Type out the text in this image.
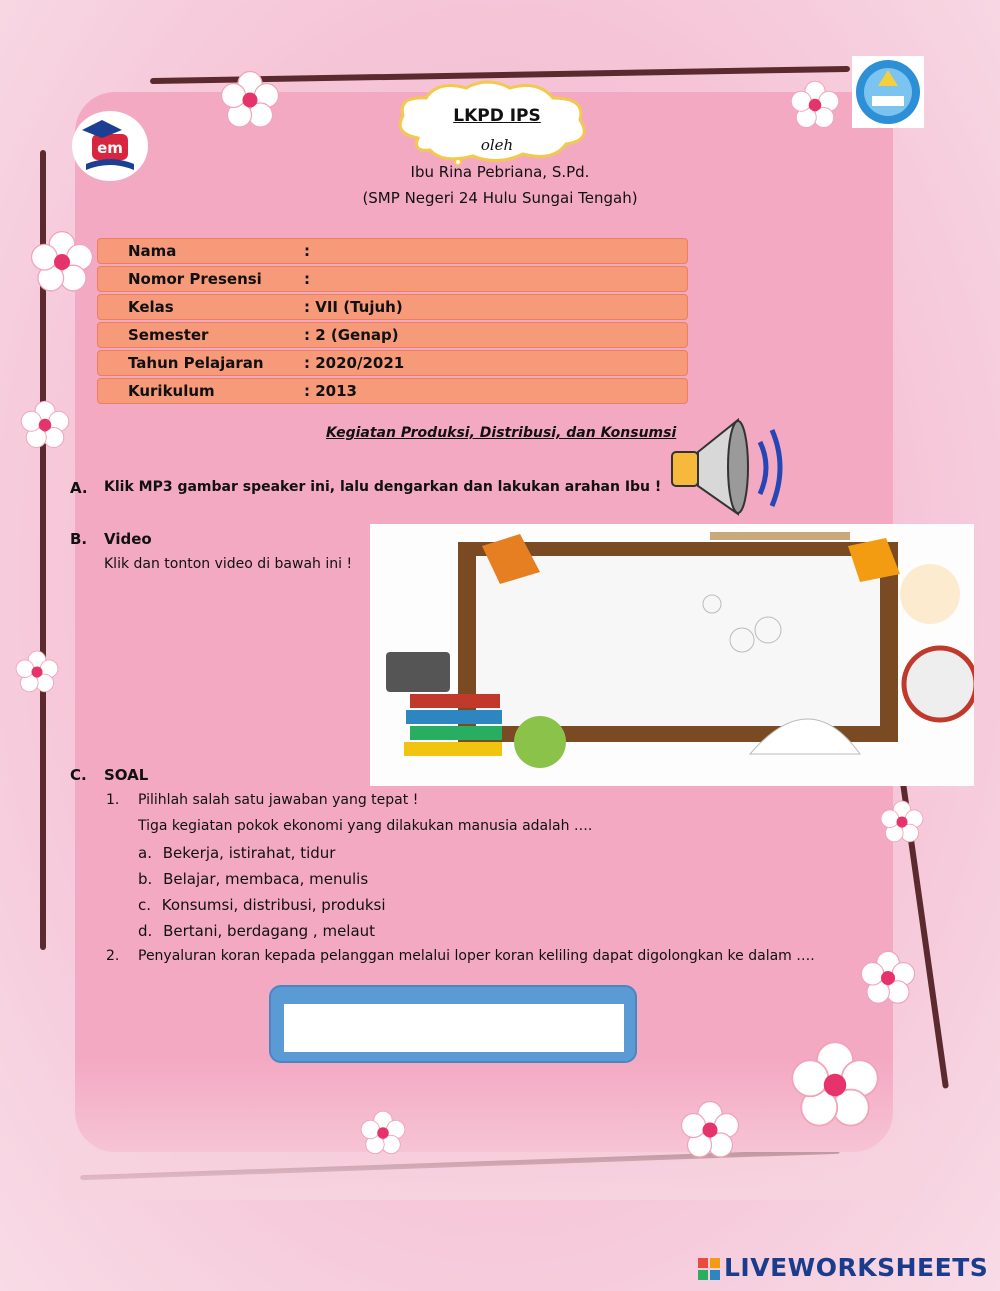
em
LKPD IPS
oleh
Ibu Rina Pebriana, S.Pd.
(SMP Negeri 24 Hulu Sungai Tengah)
Nama	:
Nomor Presensi	:
Kelas	: VII (Tujuh)
Semester	: 2 (Genap)
Tahun Pelajaran	: 2020/2021
Kurikulum	: 2013
Kegiatan Produksi, Distribusi, dan Konsumsi
A. Klik MP3 gambar speaker ini, lalu dengarkan dan lakukan arahan Ibu !
B. Video
Klik dan tonton video di bawah ini !
C. SOAL
1. Pilihlah salah satu jawaban yang tepat !
Tiga kegiatan pokok ekonomi yang dilakukan manusia adalah ….
a. Bekerja, istirahat, tidur
b. Belajar, membaca, menulis
c. Konsumsi, distribusi, produksi
d. Bertani, berdagang , melaut
2. Penyaluran koran kepada pelanggan melalui loper koran keliling dapat digolongkan ke dalam ….
LIVEWORKSHEETS
